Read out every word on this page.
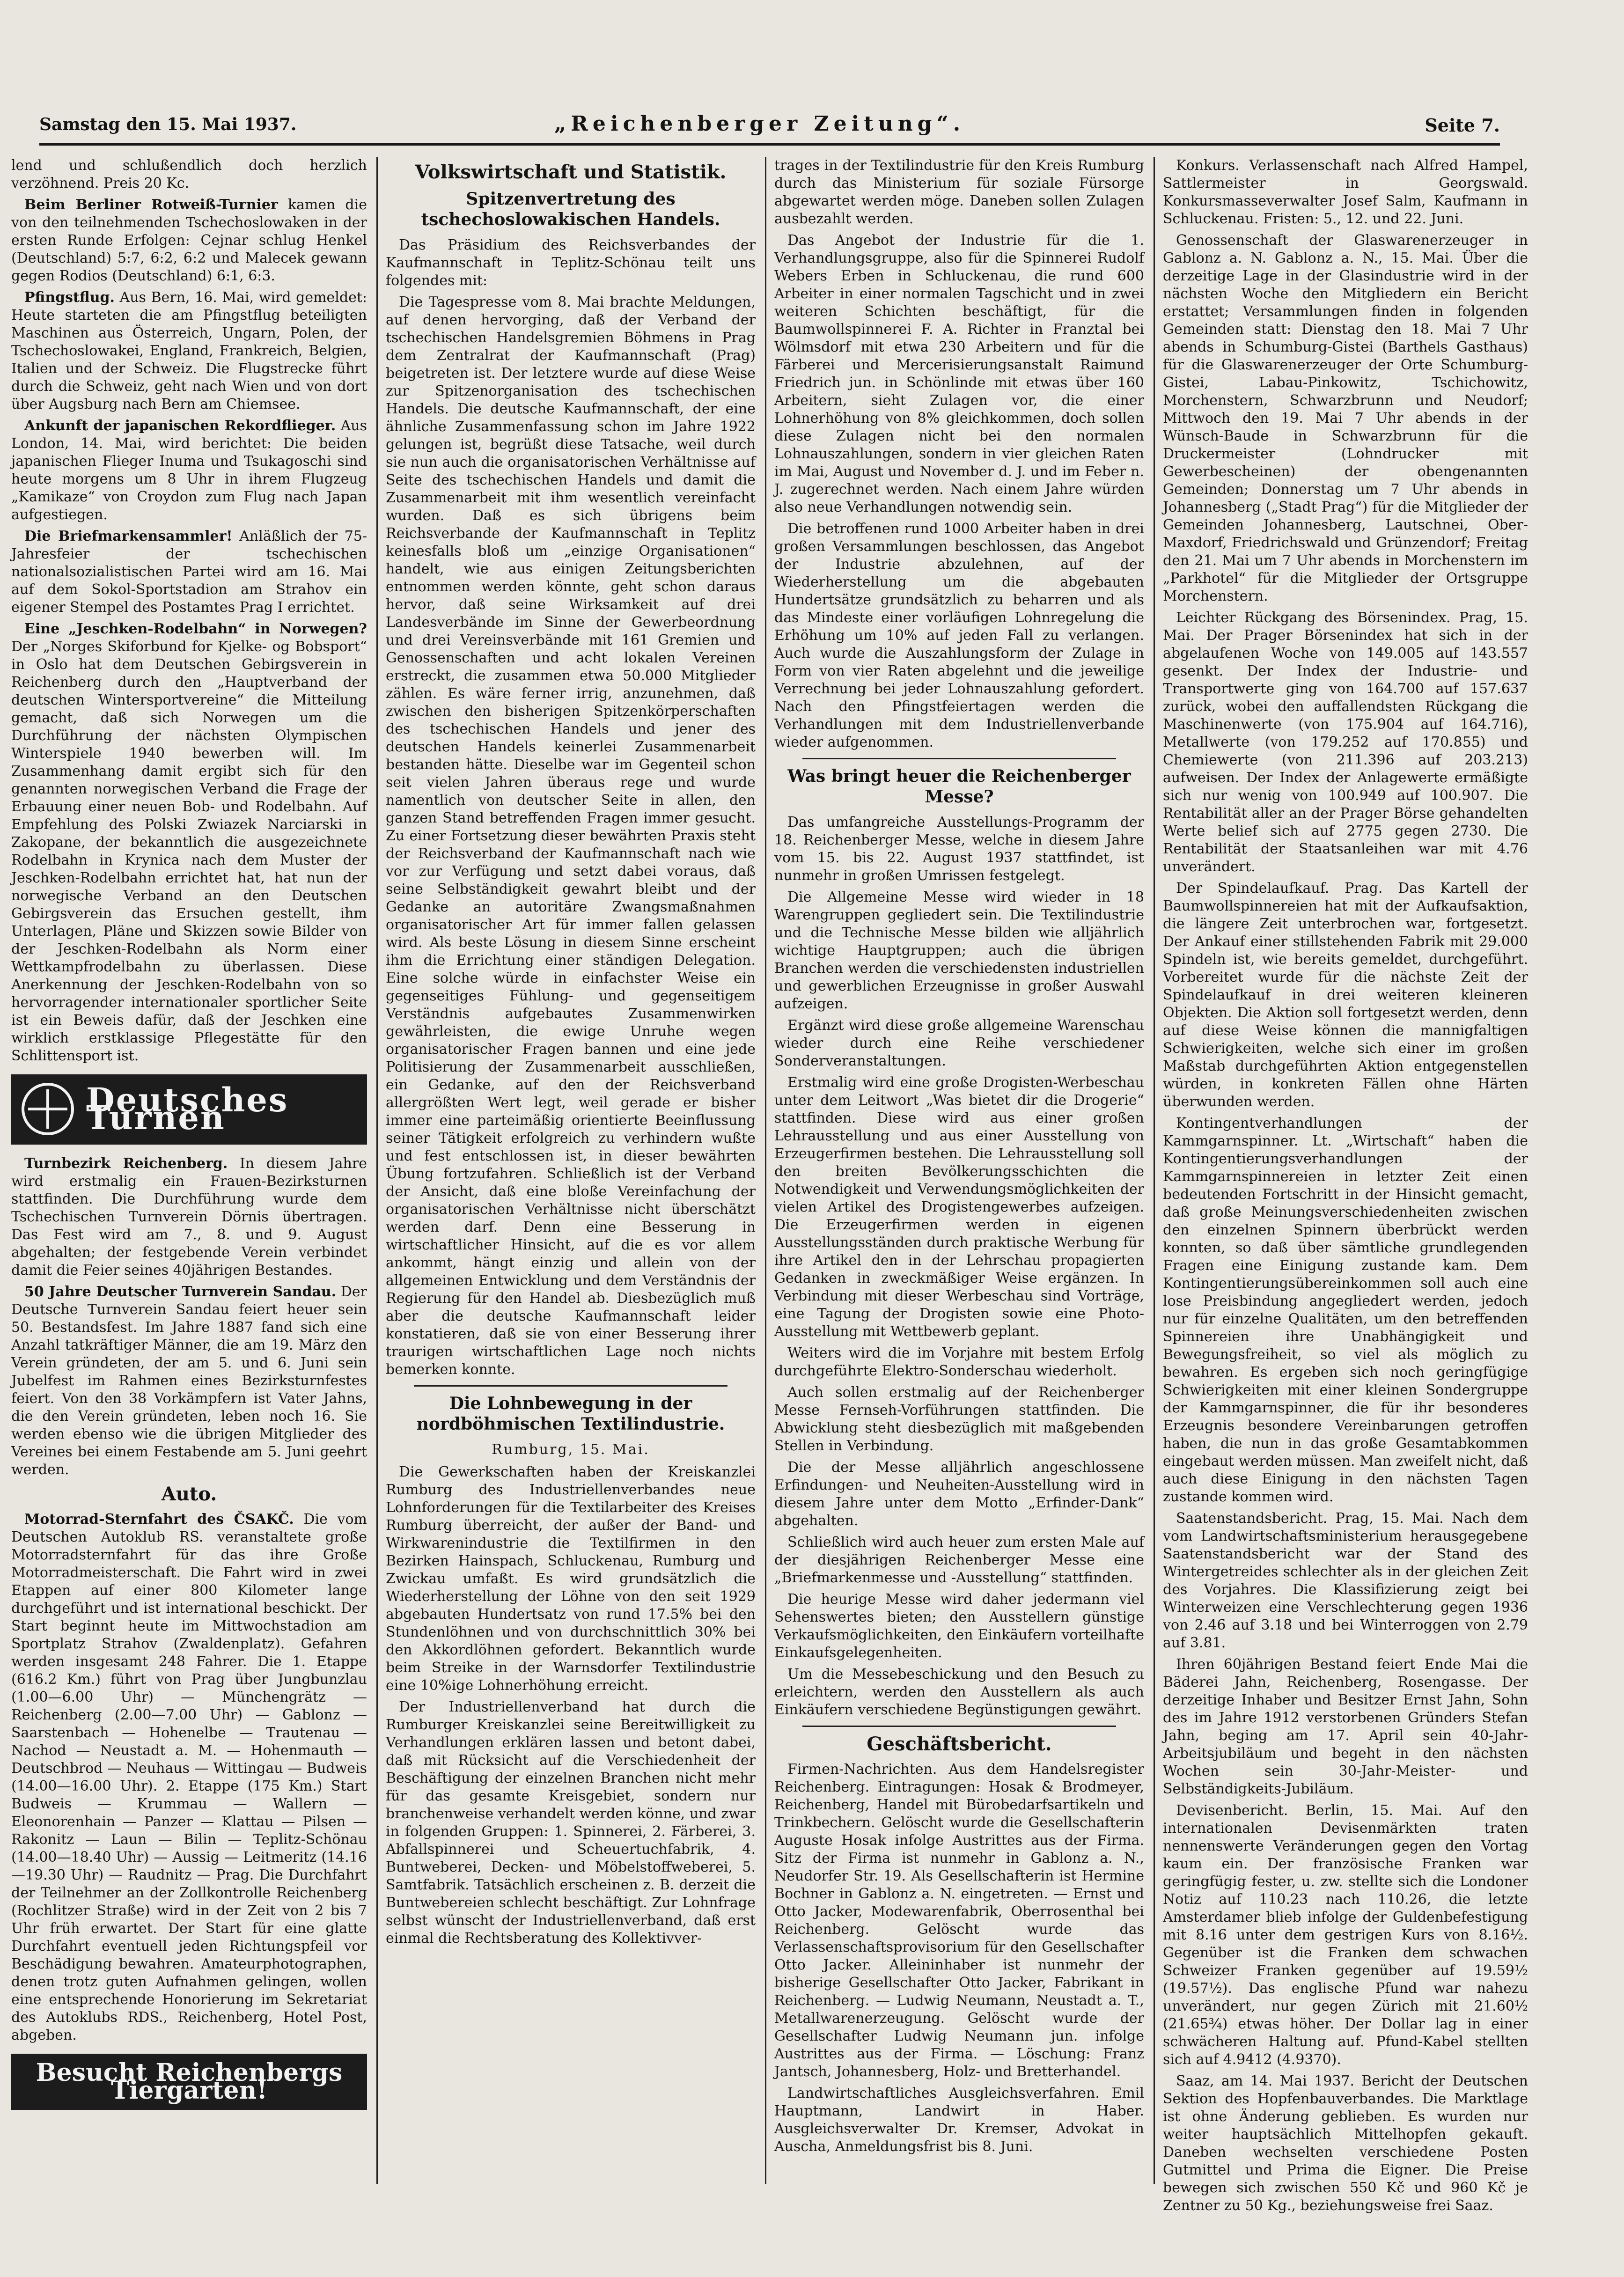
Samstag den 15. Mai 1937.	„Reichenberger Zeitung“.	Seite 7.

lend und schlußendlich doch herzlich verzöhnend. Preis 20 Kc.

Beim Berliner Rotweiß-Turnier kamen die von den teilnehmenden Tschechoslowaken in der ersten Runde Erfolgen: Cejnar schlug Henkel (Deutschland) 5:7, 6:2, 6:2 und Malecek gewann gegen Rodios (Deutschland) 6:1, 6:3.

Pfingstflug. Aus Bern, 16. Mai, wird gemeldet: Heute starteten die am Pfingstflug beteiligten Maschinen aus Österreich, Ungarn, Polen, der Tschechoslowakei, England, Frankreich, Belgien, Italien und der Schweiz. Die Flugstrecke führt durch die Schweiz, geht nach Wien und von dort über Augsburg nach Bern am Chiemsee.

Ankunft der japanischen Rekordflieger. Aus London, 14. Mai, wird berichtet: Die beiden japanischen Flieger Inuma und Tsukagoschi sind heute morgens um 8 Uhr in ihrem Flugzeug „Kamikaze“ von Croydon zum Flug nach Japan aufgestiegen.

Die Briefmarkensammler! Anläßlich der 75-Jahresfeier der tschechischen nationalsozialistischen Partei wird am 16. Mai auf dem Sokol-Sportstadion am Strahov ein eigener Stempel des Postamtes Prag I errichtet.

Eine „Jeschken-Rodelbahn“ in Norwegen? Der „Norges Skiforbund for Kjelke- og Bobsport“ in Oslo hat dem Deutschen Gebirgsverein in Reichenberg durch den „Hauptverband der deutschen Wintersportvereine“ die Mitteilung gemacht, daß sich Norwegen um die Durchführung der nächsten Olympischen Winterspiele 1940 bewerben will. Im Zusammenhang damit ergibt sich für den genannten norwegischen Verband die Frage der Erbauung einer neuen Bob- und Rodelbahn. Auf Empfehlung des Polski Zwiazek Narciarski in Zakopane, der bekanntlich die ausgezeichnete Rodelbahn in Krynica nach dem Muster der Jeschken-Rodelbahn errichtet hat, hat nun der norwegische Verband an den Deutschen Gebirgsverein das Ersuchen gestellt, ihm Unterlagen, Pläne und Skizzen sowie Bilder von der Jeschken-Rodelbahn als Norm einer Wettkampfrodelbahn zu überlassen. Diese Anerkennung der Jeschken-Rodelbahn von so hervorragender internationaler sportlicher Seite ist ein Beweis dafür, daß der Jeschken eine wirklich erstklassige Pflegestätte für den Schlittensport ist.

Deutsches Turnen

Turnbezirk Reichenberg. In diesem Jahre wird erstmalig ein Frauen-Bezirksturnen stattfinden. Die Durchführung wurde dem Tschechischen Turnverein Dörnis übertragen. Das Fest wird am 7., 8. und 9. August abgehalten; der festgebende Verein verbindet damit die Feier seines 40jährigen Bestandes.

50 Jahre Deutscher Turnverein Sandau. Der Deutsche Turnverein Sandau feiert heuer sein 50. Bestandsfest. Im Jahre 1887 fand sich eine Anzahl tatkräftiger Männer, die am 19. März den Verein gründeten, der am 5. und 6. Juni sein Jubelfest im Rahmen eines Bezirksturnfestes feiert. Von den 38 Vorkämpfern ist Vater Jahns, die den Verein gründeten, leben noch 16. Sie werden ebenso wie die übrigen Mitglieder des Vereines bei einem Festabende am 5. Juni geehrt werden.

Auto.

Motorrad-Sternfahrt des ČSAKČ. Die vom Deutschen Autoklub RS. veranstaltete große Motorradsternfahrt für das ihre Große Motorradmeisterschaft. Die Fahrt wird in zwei Etappen auf einer 800 Kilometer lange durchgeführt und ist international beschickt. Der Start beginnt heute im Mittwochstadion am Sportplatz Strahov (Zwaldenplatz). Gefahren werden insgesamt 248 Fahrer. Die 1. Etappe (616.2 Km.) führt von Prag über Jungbunzlau (1.00—6.00 Uhr) — Münchengrätz — Reichenberg (2.00—7.00 Uhr) — Gablonz — Saarstenbach — Hohenelbe — Trautenau — Nachod — Neustadt a. M. — Hohenmauth — Deutschbrod — Neuhaus — Wittingau — Budweis (14.00—16.00 Uhr). 2. Etappe (175 Km.) Start Budweis — Krummau — Wallern — Eleonorenhain — Panzer — Klattau — Pilsen — Rakonitz — Laun — Bilin — Teplitz-Schönau (14.00—18.40 Uhr) — Aussig — Leitmeritz (14.16—19.30 Uhr) — Raudnitz — Prag. Die Durchfahrt der Teilnehmer an der Zollkontrolle Reichenberg (Rochlitzer Straße) wird in der Zeit von 2 bis 7 Uhr früh erwartet. Der Start für eine glatte Durchfahrt eventuell jeden Richtungspfeil vor Beschädigung bewahren. Amateurphotographen, denen trotz guten Aufnahmen gelingen, wollen eine entsprechende Honorierung im Sekretariat des Autoklubs RDS., Reichenberg, Hotel Post, abgeben.

Besucht Reichenbergs Tiergarten!
Volkswirtschaft und Statistik.
Spitzenvertretung des tschechoslowakischen Handels.

Das Präsidium des Reichsverbandes der Kaufmannschaft in Teplitz-Schönau teilt uns folgendes mit:

Die Tagespresse vom 8. Mai brachte Meldungen, auf denen hervorging, daß der Verband der tschechischen Handelsgremien Böhmens in Prag dem Zentralrat der Kaufmannschaft (Prag) beigetreten ist. Der letztere wurde auf diese Weise zur Spitzenorganisation des tschechischen Handels. Die deutsche Kaufmannschaft, der eine ähnliche Zusammenfassung schon im Jahre 1922 gelungen ist, begrüßt diese Tatsache, weil durch sie nun auch die organisatorischen Verhältnisse auf Seite des tschechischen Handels und damit die Zusammenarbeit mit ihm wesentlich vereinfacht wurden. Daß es sich übrigens beim Reichsverbande der Kaufmannschaft in Teplitz keinesfalls bloß um „einzige Organisationen“ handelt, wie aus einigen Zeitungsberichten entnommen werden könnte, geht schon daraus hervor, daß seine Wirksamkeit auf drei Landesverbände im Sinne der Gewerbeordnung und drei Vereinsverbände mit 161 Gremien und Genossenschaften und acht lokalen Vereinen erstreckt, die zusammen etwa 50.000 Mitglieder zählen. Es wäre ferner irrig, anzunehmen, daß zwischen den bisherigen Spitzenkörperschaften des tschechischen Handels und jener des deutschen Handels keinerlei Zusammenarbeit bestanden hätte. Dieselbe war im Gegenteil schon seit vielen Jahren überaus rege und wurde namentlich von deutscher Seite in allen, den ganzen Stand betreffenden Fragen immer gesucht. Zu einer Fortsetzung dieser bewährten Praxis steht der Reichsverband der Kaufmannschaft nach wie vor zur Verfügung und setzt dabei voraus, daß seine Selbständigkeit gewahrt bleibt und der Gedanke an autoritäre Zwangsmaßnahmen organisatorischer Art für immer fallen gelassen wird. Als beste Lösung in diesem Sinne erscheint ihm die Errichtung einer ständigen Delegation. Eine solche würde in einfachster Weise ein gegenseitiges Fühlung- und gegenseitigem Verständnis aufgebautes Zusammenwirken gewährleisten, die ewige Unruhe wegen organisatorischer Fragen bannen und eine jede Politisierung der Zusammenarbeit ausschließen, ein Gedanke, auf den der Reichsverband allergrößten Wert legt, weil gerade er bisher immer eine parteimäßig orientierte Beeinflussung seiner Tätigkeit erfolgreich zu verhindern wußte und fest entschlossen ist, in dieser bewährten Übung fortzufahren. Schließlich ist der Verband der Ansicht, daß eine bloße Vereinfachung der organisatorischen Verhältnisse nicht überschätzt werden darf. Denn eine Besserung in wirtschaftlicher Hinsicht, auf die es vor allem ankommt, hängt einzig und allein von der allgemeinen Entwicklung und dem Verständnis der Regierung für den Handel ab. Diesbezüglich muß aber die deutsche Kaufmannschaft leider konstatieren, daß sie von einer Besserung ihrer traurigen wirtschaftlichen Lage noch nichts bemerken konnte.

Die Lohnbewegung in der nordböhmischen Textilindustrie.
Rumburg, 15. Mai.

Die Gewerkschaften haben der Kreiskanzlei Rumburg des Industriellenverbandes neue Lohnforderungen für die Textilarbeiter des Kreises Rumburg überreicht, der außer der Band- und Wirkwarenindustrie die Textilfirmen in den Bezirken Hainspach, Schluckenau, Rumburg und Zwickau umfaßt. Es wird grundsätzlich die Wiederherstellung der Löhne von den seit 1929 abgebauten Hundertsatz von rund 17.5% bei den Stundenlöhnen und von durchschnittlich 30% bei den Akkordlöhnen gefordert. Bekanntlich wurde beim Streike in der Warnsdorfer Textilindustrie eine 10%ige Lohnerhöhung erreicht.

Der Industriellenverband hat durch die Rumburger Kreiskanzlei seine Bereitwilligkeit zu Verhandlungen erklären lassen und betont dabei, daß mit Rücksicht auf die Verschiedenheit der Beschäftigung der einzelnen Branchen nicht mehr für das gesamte Kreisgebiet, sondern nur branchenweise verhandelt werden könne, und zwar in folgenden Gruppen: 1. Spinnerei, 2. Färberei, 3. Abfallspinnerei und Scheuertuchfabrik, 4. Buntweberei, Decken- und Möbelstoffweberei, 5. Samtfabrik. Tatsächlich erscheinen z. B. derzeit die Buntwebereien schlecht beschäftigt. Zur Lohnfrage selbst wünscht der Industriellenverband, daß erst einmal die Rechtsberatung des Kollektivver-

trages in der Textilindustrie für den Kreis Rumburg durch das Ministerium für soziale Fürsorge abgewartet werden möge. Daneben sollen Zulagen ausbezahlt werden.

Das Angebot der Industrie für die 1. Verhandlungsgruppe, also für die Spinnerei Rudolf Webers Erben in Schluckenau, die rund 600 Arbeiter in einer normalen Tagschicht und in zwei weiteren Schichten beschäftigt, für die Baumwollspinnerei F. A. Richter in Franztal bei Wölmsdorf mit etwa 230 Arbeitern und für die Färberei und Mercerisierungsanstalt Raimund Friedrich jun. in Schönlinde mit etwas über 160 Arbeitern, sieht Zulagen vor, die einer Lohnerhöhung von 8% gleichkommen, doch sollen diese Zulagen nicht bei den normalen Lohnauszahlungen, sondern in vier gleichen Raten im Mai, August und November d. J. und im Feber n. J. zugerechnet werden. Nach einem Jahre würden also neue Verhandlungen notwendig sein.

Die betroffenen rund 1000 Arbeiter haben in drei großen Versammlungen beschlossen, das Angebot der Industrie abzulehnen, auf der Wiederherstellung um die abgebauten Hundertsätze grundsätzlich zu beharren und als das Mindeste einer vorläufigen Lohnregelung die Erhöhung um 10% auf jeden Fall zu verlangen. Auch wurde die Auszahlungsform der Zulage in Form von vier Raten abgelehnt und die jeweilige Verrechnung bei jeder Lohnauszahlung gefordert. Nach den Pfingstfeiertagen werden die Verhandlungen mit dem Industriellenverbande wieder aufgenommen.

Was bringt heuer die Reichenberger Messe?

Das umfangreiche Ausstellungs-Programm der 18. Reichenberger Messe, welche in diesem Jahre vom 15. bis 22. August 1937 stattfindet, ist nunmehr in großen Umrissen festgelegt.

Die Allgemeine Messe wird wieder in 18 Warengruppen gegliedert sein. Die Textilindustrie und die Technische Messe bilden wie alljährlich wichtige Hauptgruppen; auch die übrigen Branchen werden die verschiedensten industriellen und gewerblichen Erzeugnisse in großer Auswahl aufzeigen.

Ergänzt wird diese große allgemeine Warenschau wieder durch eine Reihe verschiedener Sonderveranstaltungen.

Erstmalig wird eine große Drogisten-Werbeschau unter dem Leitwort „Was bietet dir die Drogerie“ stattfinden. Diese wird aus einer großen Lehrausstellung und aus einer Ausstellung von Erzeugerfirmen bestehen. Die Lehrausstellung soll den breiten Bevölkerungsschichten die Notwendigkeit und Verwendungsmöglichkeiten der vielen Artikel des Drogistengewerbes aufzeigen. Die Erzeugerfirmen werden in eigenen Ausstellungsständen durch praktische Werbung für ihre Artikel den in der Lehrschau propagierten Gedanken in zweckmäßiger Weise ergänzen. In Verbindung mit dieser Werbeschau sind Vorträge, eine Tagung der Drogisten sowie eine Photo-Ausstellung mit Wettbewerb geplant.

Weiters wird die im Vorjahre mit bestem Erfolg durchgeführte Elektro-Sonderschau wiederholt.

Auch sollen erstmalig auf der Reichenberger Messe Fernseh-Vorführungen stattfinden. Die Abwicklung steht diesbezüglich mit maßgebenden Stellen in Verbindung.

Die der Messe alljährlich angeschlossene Erfindungen- und Neuheiten-Ausstellung wird in diesem Jahre unter dem Motto „Erfinder-Dank“ abgehalten.

Schließlich wird auch heuer zum ersten Male auf der diesjährigen Reichenberger Messe eine „Briefmarkenmesse und -Ausstellung“ stattfinden.

Die heurige Messe wird daher jedermann viel Sehenswertes bieten; den Ausstellern günstige Verkaufsmöglichkeiten, den Einkäufern vorteilhafte Einkaufsgelegenheiten.

Um die Messebeschickung und den Besuch zu erleichtern, werden den Ausstellern als auch Einkäufern verschiedene Begünstigungen gewährt.

Geschäftsbericht.

Firmen-Nachrichten. Aus dem Handelsregister Reichenberg. Eintragungen: Hosak & Brodmeyer, Reichenberg, Handel mit Bürobedarfsartikeln und Trinkbechern. Gelöscht wurde die Gesellschafterin Auguste Hosak infolge Austrittes aus der Firma. Sitz der Firma ist nunmehr in Gablonz a. N., Neudorfer Str. 19. Als Gesellschafterin ist Hermine Bochner in Gablonz a. N. eingetreten. — Ernst und Otto Jacker, Modewarenfabrik, Oberrosenthal bei Reichenberg. Gelöscht wurde das Verlassenschaftsprovisorium für den Gesellschafter Otto Jacker. Alleininhaber ist nunmehr der bisherige Gesellschafter Otto Jacker, Fabrikant in Reichenberg. — Ludwig Neumann, Neustadt a. T., Metallwarenerzeugung. Gelöscht wurde der Gesellschafter Ludwig Neumann jun. infolge Austrittes aus der Firma. — Löschung: Franz Jantsch, Johannesberg, Holz- und Bretterhandel.

Landwirtschaftliches Ausgleichsverfahren. Emil Hauptmann, Landwirt in Haber. Ausgleichsverwalter Dr. Kremser, Advokat in Auscha, Anmeldungsfrist bis 8. Juni.

Konkurs. Verlassenschaft nach Alfred Hampel, Sattlermeister in Georgswald. Konkursmasseverwalter Josef Salm, Kaufmann in Schluckenau. Fristen: 5., 12. und 22. Juni.

Genossenschaft der Glaswarenerzeuger in Gablonz a. N. Gablonz a. N., 15. Mai. Über die derzeitige Lage in der Glasindustrie wird in der nächsten Woche den Mitgliedern ein Bericht erstattet; Versammlungen finden in folgenden Gemeinden statt: Dienstag den 18. Mai 7 Uhr abends in Schumburg-Gistei (Barthels Gasthaus) für die Glaswarenerzeuger der Orte Schumburg-Gistei, Labau-Pinkowitz, Tschichowitz, Morchenstern, Schwarzbrunn und Neudorf; Mittwoch den 19. Mai 7 Uhr abends in der Wünsch-Baude in Schwarzbrunn für die Druckermeister (Lohndrucker mit Gewerbescheinen) der obengenannten Gemeinden; Donnerstag um 7 Uhr abends in Johannesberg („Stadt Prag“) für die Mitglieder der Gemeinden Johannesberg, Lautschnei, Ober-Maxdorf, Friedrichswald und Grünzendorf; Freitag den 21. Mai um 7 Uhr abends in Morchenstern im „Parkhotel“ für die Mitglieder der Ortsgruppe Morchenstern.

Leichter Rückgang des Börsenindex. Prag, 15. Mai. Der Prager Börsenindex hat sich in der abgelaufenen Woche von 149.005 auf 143.557 gesenkt. Der Index der Industrie- und Transportwerte ging von 164.700 auf 157.637 zurück, wobei den auffallendsten Rückgang die Maschinenwerte (von 175.904 auf 164.716), Metallwerte (von 179.252 auf 170.855) und Chemiewerte (von 211.396 auf 203.213) aufweisen. Der Index der Anlagewerte ermäßigte sich nur wenig von 100.949 auf 100.907. Die Rentabilität aller an der Prager Börse gehandelten Werte belief sich auf 2775 gegen 2730. Die Rentabilität der Staatsanleihen war mit 4.76 unverändert.

Der Spindelaufkauf. Prag. Das Kartell der Baumwollspinnereien hat mit der Aufkaufsaktion, die längere Zeit unterbrochen war, fortgesetzt. Der Ankauf einer stillstehenden Fabrik mit 29.000 Spindeln ist, wie bereits gemeldet, durchgeführt. Vorbereitet wurde für die nächste Zeit der Spindelaufkauf in drei weiteren kleineren Objekten. Die Aktion soll fortgesetzt werden, denn auf diese Weise können die mannigfaltigen Schwierigkeiten, welche sich einer im großen Maßstab durchgeführten Aktion entgegenstellen würden, in konkreten Fällen ohne Härten überwunden werden.

Kontingentverhandlungen der Kammgarnspinner. Lt. „Wirtschaft“ haben die Kontingentierungsverhandlungen der Kammgarnspinnereien in letzter Zeit einen bedeutenden Fortschritt in der Hinsicht gemacht, daß große Meinungsverschiedenheiten zwischen den einzelnen Spinnern überbrückt werden konnten, so daß über sämtliche grundlegenden Fragen eine Einigung zustande kam. Dem Kontingentierungsübereinkommen soll auch eine lose Preisbindung angegliedert werden, jedoch nur für einzelne Qualitäten, um den betreffenden Spinnereien ihre Unabhängigkeit und Bewegungsfreiheit, so viel als möglich zu bewahren. Es ergeben sich noch geringfügige Schwierigkeiten mit einer kleinen Sondergruppe der Kammgarnspinner, die für ihr besonderes Erzeugnis besondere Vereinbarungen getroffen haben, die nun in das große Gesamtabkommen eingebaut werden müssen. Man zweifelt nicht, daß auch diese Einigung in den nächsten Tagen zustande kommen wird.

Saatenstandsbericht. Prag, 15. Mai. Nach dem vom Landwirtschaftsministerium herausgegebene Saatenstandsbericht war der Stand des Wintergetreides schlechter als in der gleichen Zeit des Vorjahres. Die Klassifizierung zeigt bei Winterweizen eine Verschlechterung gegen 1936 von 2.46 auf 3.18 und bei Winterroggen von 2.79 auf 3.81.

Ihren 60jährigen Bestand feiert Ende Mai die Bäderei Jahn, Reichenberg, Rosengasse. Der derzeitige Inhaber und Besitzer Ernst Jahn, Sohn des im Jahre 1912 verstorbenen Gründers Stefan Jahn, beging am 17. April sein 40-Jahr-Arbeitsjubiläum und begeht in den nächsten Wochen sein 30-Jahr-Meister- und Selbständigkeits-Jubiläum.

Devisenbericht. Berlin, 15. Mai. Auf den internationalen Devisenmärkten traten nennenswerte Veränderungen gegen den Vortag kaum ein. Der französische Franken war geringfügig fester, u. zw. stellte sich die Londoner Notiz auf 110.23 nach 110.26, die letzte Amsterdamer blieb infolge der Guldenbefestigung mit 8.16 unter dem gestrigen Kurs von 8.16½. Gegenüber ist die Franken dem schwachen Schweizer Franken gegenüber auf 19.59½ (19.57½). Das englische Pfund war nahezu unverändert, nur gegen Zürich mit 21.60½ (21.65¾) etwas höher. Der Dollar lag in einer schwächeren Haltung auf. Pfund-Kabel stellten sich auf 4.9412 (4.9370).

Saaz, am 14. Mai 1937. Bericht der Deutschen Sektion des Hopfenbauverbandes. Die Marktlage ist ohne Änderung geblieben. Es wurden nur weiter hauptsächlich Mittelhopfen gekauft. Daneben wechselten verschiedene Posten Gutmittel und Prima die Eigner. Die Preise bewegen sich zwischen 550 Kč und 960 Kč je Zentner zu 50 Kg., beziehungsweise frei Saaz.
